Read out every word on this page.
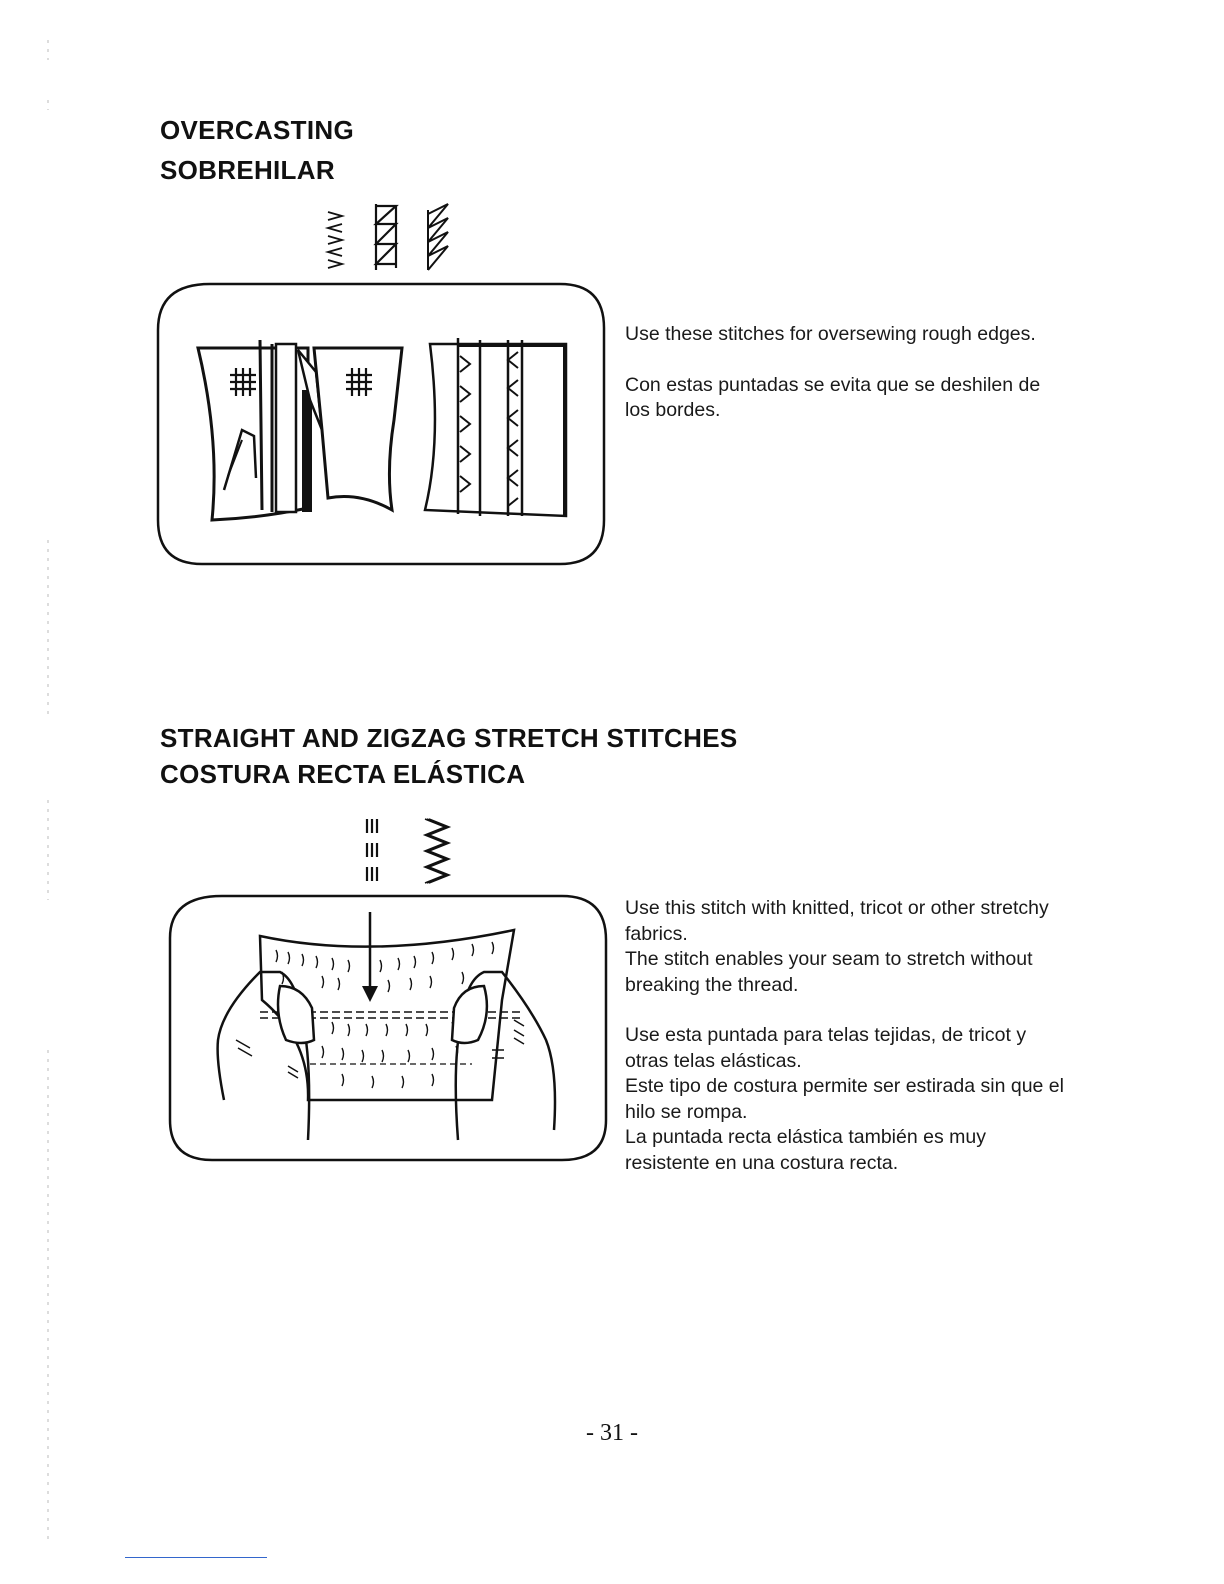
OVERCASTING
SOBREHILAR

Use these stitches for oversewing rough edges.

Con estas puntadas se evita que se deshilen de los bordes.

STRAIGHT AND ZIGZAG STRETCH STITCHES
COSTURA RECTA ELÁSTICA

Use this stitch with knitted, tricot or other stretchy fabrics.

The stitch enables your seam to stretch without breaking the thread.

Use esta puntada para telas tejidas, de tricot y otras telas elásticas.

Este tipo de costura permite ser estirada sin que el hilo se rompa.

La puntada recta elástica también es muy resistente en una costura recta.

- 31 -
